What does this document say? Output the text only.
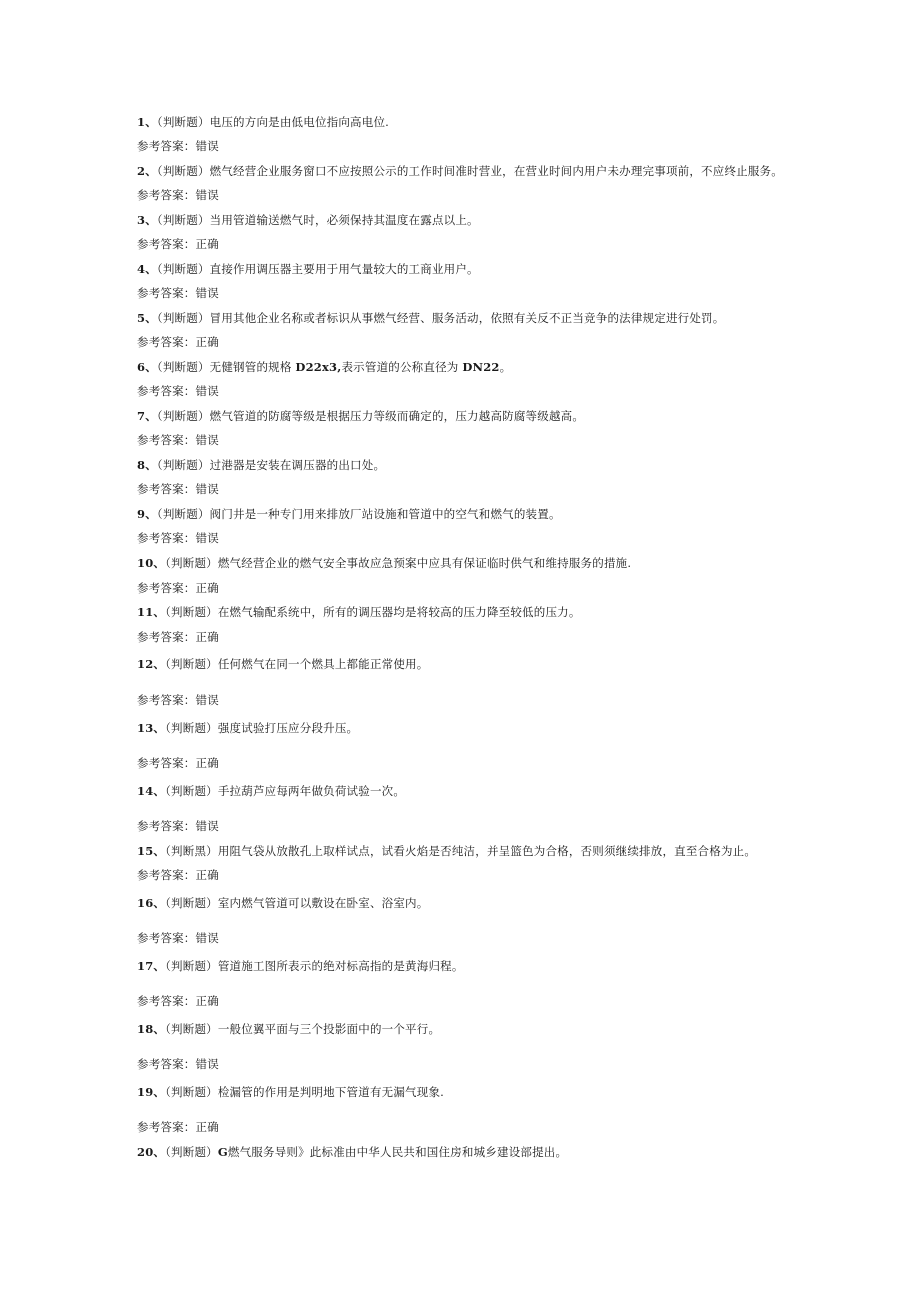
1、（判断题）电压的方向是由低电位指向高电位.
参考答案：错误
2、（判断题）燃气经营企业服务窗口不应按照公示的工作时间准时营业，在营业时间内用户未办理完事项前，不应终止服务。
参考答案：错误
3、（判断题）当用管道输送燃气时，必须保持其温度在露点以上。
参考答案：正确
4、（判断题）直接作用调压器主要用于用气量较大的工商业用户。
参考答案：错误
5、（判断题）冒用其他企业名称或者标识从事燃气经营、服务活动，依照有关反不正当竞争的法律规定进行处罚。
参考答案：正确
6、（判断题）无健钢管的规格 D22x3,表示管道的公称直径为 DN22。
参考答案：错误
7、（判断题）燃气管道的防腐等级是根据压力等级而确定的，压力越高防腐等级越高。
参考答案：错误
8、（判断题）过港器是安装在调压器的出口处。
参考答案：错误
9、（判断题）阀门井是一种专门用来排放厂站设施和管道中的空气和燃气的装置。
参考答案：错误
10、（判断题）燃气经营企业的燃气安全事故应急预案中应具有保证临时供气和维持服务的措施.
参考答案：正确
11、（判断题）在燃气输配系统中，所有的调压器均是将较高的压力降至较低的压力。
参考答案：正确
12、（判断题）任何燃气在同一个燃具上都能正常使用。
参考答案：错误
13、（判断题）强度试验打压应分段升压。
参考答案：正确
14、（判断题）手拉葫芦应每两年做负荷试验一次。
参考答案：错误
15、（判断黑）用阻气袋从放散孔上取样试点，试看火焰是否纯洁，并呈篮色为合格，否则须继续排放，直至合格为止。
参考答案：正确
16、（判断题）室内燃气管道可以敷设在卧室、浴室内。
参考答案：错误
17、（判断题）管道施工图所表示的绝对标高指的是黄海归程。
参考答案：正确
18、（判断题）一般位翼平面与三个投影面中的一个平行。
参考答案：错误
19、（判断题）检漏管的作用是判明地下管道有无漏气现象.
参考答案：正确
20、（判断题）G燃气服务导则》此标准由中华人民共和国住房和城乡建设部提出。
